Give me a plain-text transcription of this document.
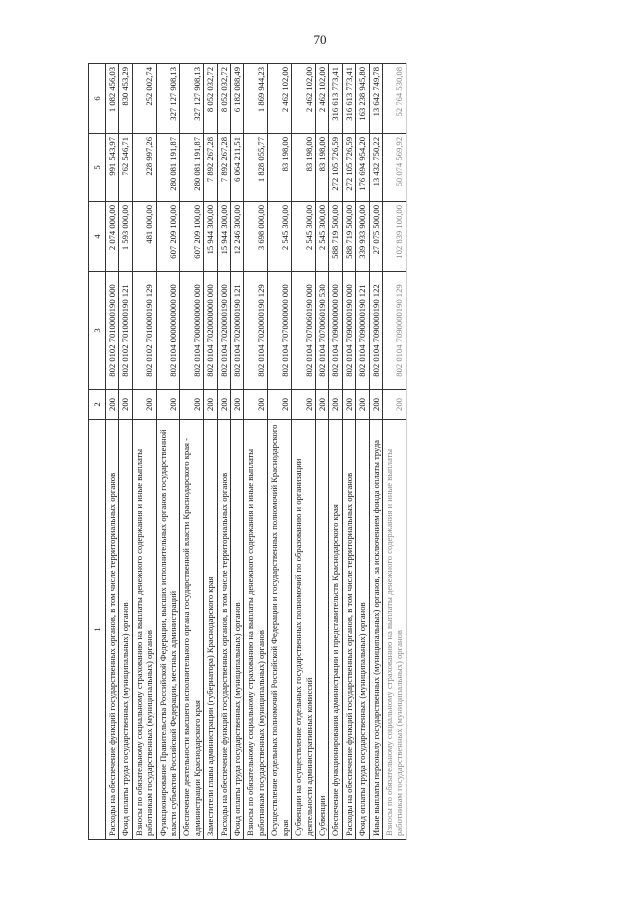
70
1	2	3	4	5	6
Расходы на обеспечение функций государственных органов, в том числе территориальных органов	200	802 0102 7010000190 000	2 074 000,00	991 543,97	1 082 456,03
Фонд оплаты труда государственных (муниципальных) органов	200	802 0102 7010000190 121	1 593 000,00	762 546,71	830 453,29
Взносы по обязательному социальному страхованию на выплаты денежного содержания и иные выплаты работникам государственных (муниципальных) органов	200	802 0102 7010000190 129	481 000,00	228 997,26	252 002,74
Функционирование Правительства Российской Федерации, высших исполнительных органов государственной власти субъектов Российской Федерации, местных администраций	200	802 0104 0000000000 000	607 209 100,00	280 081 191,87	327 127 908,13
Обеспечение деятельности высшего исполнительного органа государственной власти Краснодарского края - администрации Краснодарского края	200	802 0104 7000000000 000	607 209 100,00	280 081 191,87	327 127 908,13
Заместители главы администрации (губернатора) Краснодарского края	200	802 0104 7020000000 000	15 944 300,00	7 892 267,28	8 052 032,72
Расходы на обеспечение функций государственных органов, в том числе территориальных органов	200	802 0104 7020000190 000	15 944 300,00	7 892 267,28	8 052 032,72
Фонд оплаты труда государственных (муниципальных) органов	200	802 0104 7020000190 121	12 246 300,00	6 064 211,51	6 182 088,49
Взносы по обязательному социальному страхованию на выплаты денежного содержания и иные выплаты работникам государственных (муниципальных) органов	200	802 0104 7020000190 129	3 698 000,00	1 828 055,77	1 869 944,23
Осуществление отдельных полномочий Российской Федерации и государственных полномочий Краснодарского края	200	802 0104 7070000000 000	2 545 300,00	83 198,00	2 462 102,00
Субвенции на осуществление отдельных государственных полномочий по образованию и организации деятельности административных комиссий	200	802 0104 7070060190 000	2 545 300,00	83 198,00	2 462 102,00
Субвенции	200	802 0104 7070060190 530	2 545 300,00	83 198,00	2 462 102,00
Обеспечение функционирования администрации и представительств Краснодарского края	200	802 0104 7090000000 000	588 719 500,00	272 105 726,59	316 613 773,41
Расходы на обеспечение функций государственных органов, в том числе территориальных органов	200	802 0104 7090000190 000	588 719 500,00	272 105 726,59	316 613 773,41
Фонд оплаты труда государственных (муниципальных) органов	200	802 0104 7090000190 121	339 933 900,00	176 694 954,20	163 238 945,80
Иные выплаты персоналу государственных (муниципальных) органов, за исключением фонда оплаты труда	200	802 0104 7090000190 122	27 075 500,00	13 432 750,22	13 642 749,78
Взносы по обязательному социальному страхованию на выплаты денежного содержания и иные выплаты работникам государственных (муниципальных) органов	200	802 0104 7090000190 129	102 839 100,00	50 074 569,92	52 764 530,08
